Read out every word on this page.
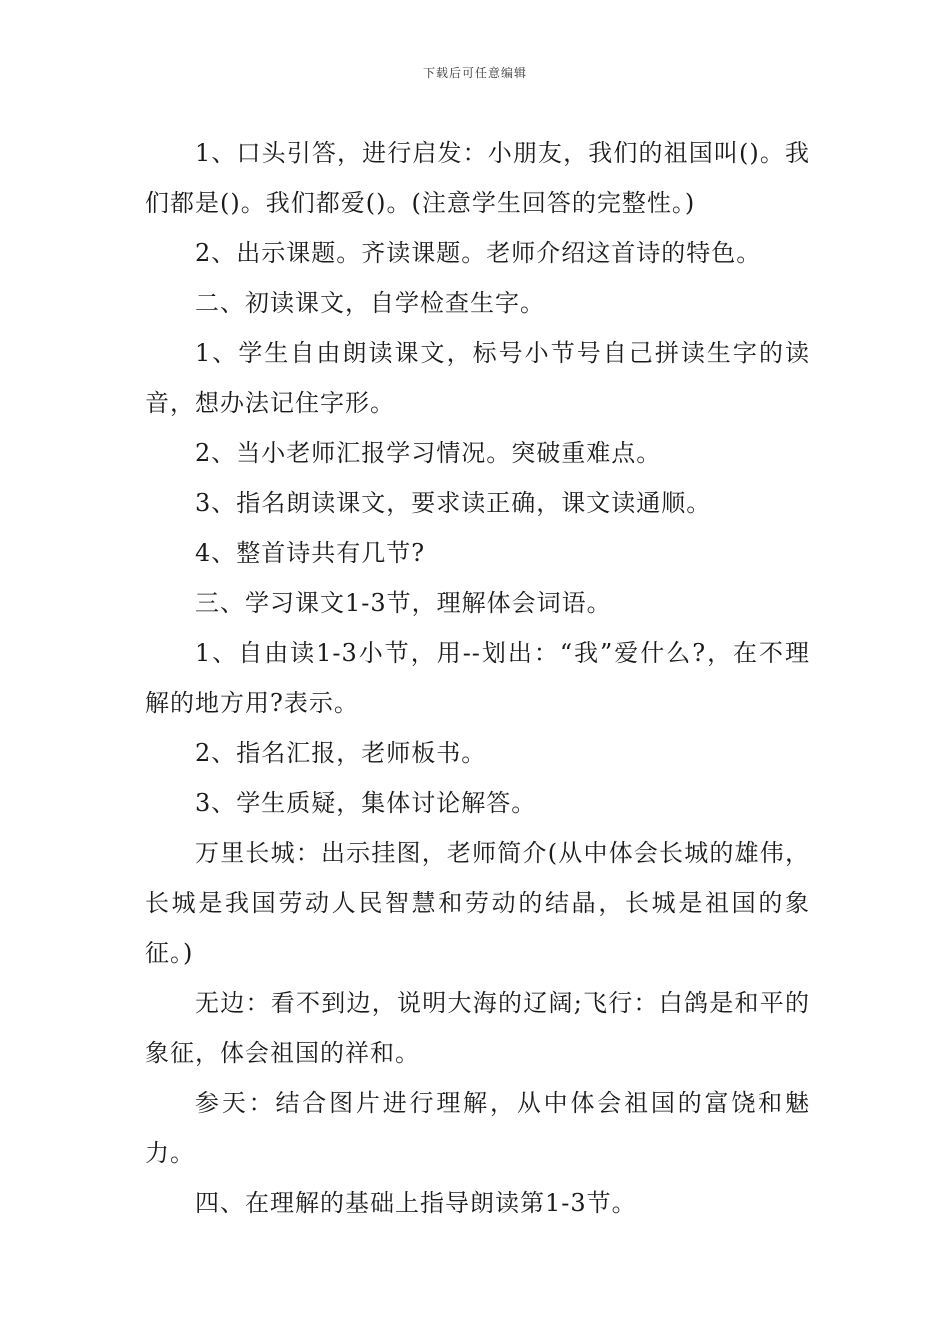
下载后可任意编辑

1、口头引答，进行启发：小朋友，我们的祖国叫()。我们都是()。我们都爱()。(注意学生回答的完整性。)

2、出示课题。齐读课题。老师介绍这首诗的特色。

二、初读课文，自学检查生字。

1、学生自由朗读课文，标号小节号自己拼读生字的读音，想办法记住字形。

2、当小老师汇报学习情况。突破重难点。

3、指名朗读课文，要求读正确，课文读通顺。

4、整首诗共有几节?

三、学习课文1-3节，理解体会词语。

1、自由读1-3小节，用--划出：“我”爱什么?，在不理解的地方用?表示。

2、指名汇报，老师板书。

3、学生质疑，集体讨论解答。

万里长城：出示挂图，老师简介(从中体会长城的雄伟，长城是我国劳动人民智慧和劳动的结晶，长城是祖国的象征。)

无边：看不到边，说明大海的辽阔;飞行：白鸽是和平的象征，体会祖国的祥和。

参天：结合图片进行理解，从中体会祖国的富饶和魅力。

四、在理解的基础上指导朗读第1-3节。
